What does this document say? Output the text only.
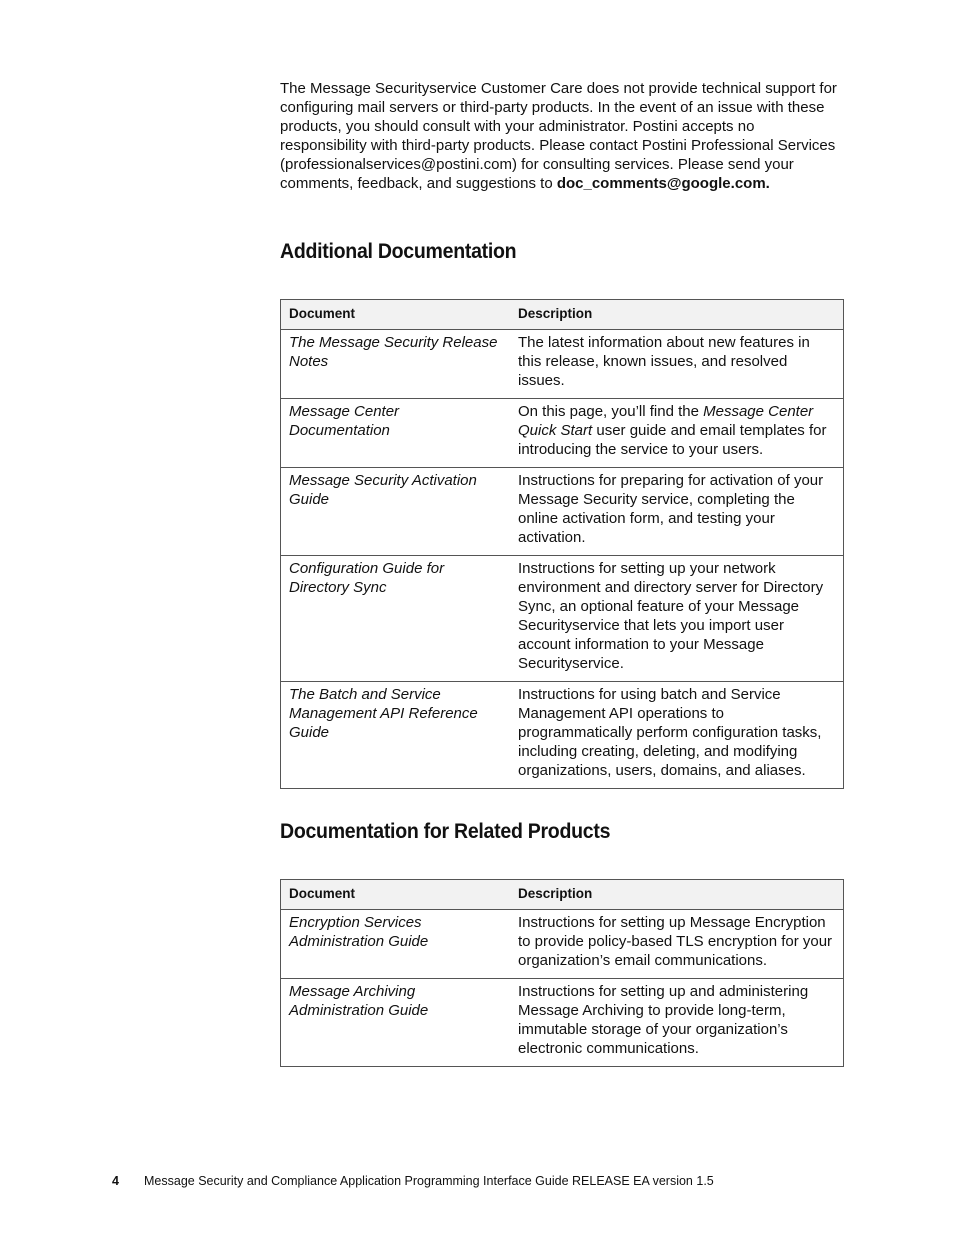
The Message Securityservice Customer Care does not provide technical support for configuring mail servers or third-party products. In the event of an issue with these products, you should consult with your administrator. Postini accepts no responsibility with third-party products. Please contact Postini Professional Services (professionalservices@postini.com) for consulting services. Please send your comments, feedback, and suggestions to doc_comments@google.com.

Additional Documentation
Document	Description
The Message Security Release Notes	The latest information about new features in this release, known issues, and resolved issues.
Message Center Documentation	On this page, you’ll find the Message Center Quick Start user guide and email templates for introducing the service to your users.
Message Security Activation Guide	Instructions for preparing for activation of your Message Security service, completing the online activation form, and testing your activation.
Configuration Guide for Directory Sync	Instructions for setting up your network environment and directory server for Directory Sync, an optional feature of your Message Securityservice that lets you import user account information to your Message Securityservice.
The Batch and Service Management API Reference Guide	Instructions for using batch and Service Management API operations to programmatically perform configuration tasks, including creating, deleting, and modifying organizations, users, domains, and aliases.
Documentation for Related Products
Document	Description
Encryption Services Administration Guide	Instructions for setting up Message Encryption to provide policy-based TLS encryption for your organization’s email communications.
Message Archiving Administration Guide	Instructions for setting up and administering Message Archiving to provide long-term, immutable storage of your organization’s electronic communications.
4 Message Security and Compliance Application Programming Interface Guide RELEASE EA version 1.5
